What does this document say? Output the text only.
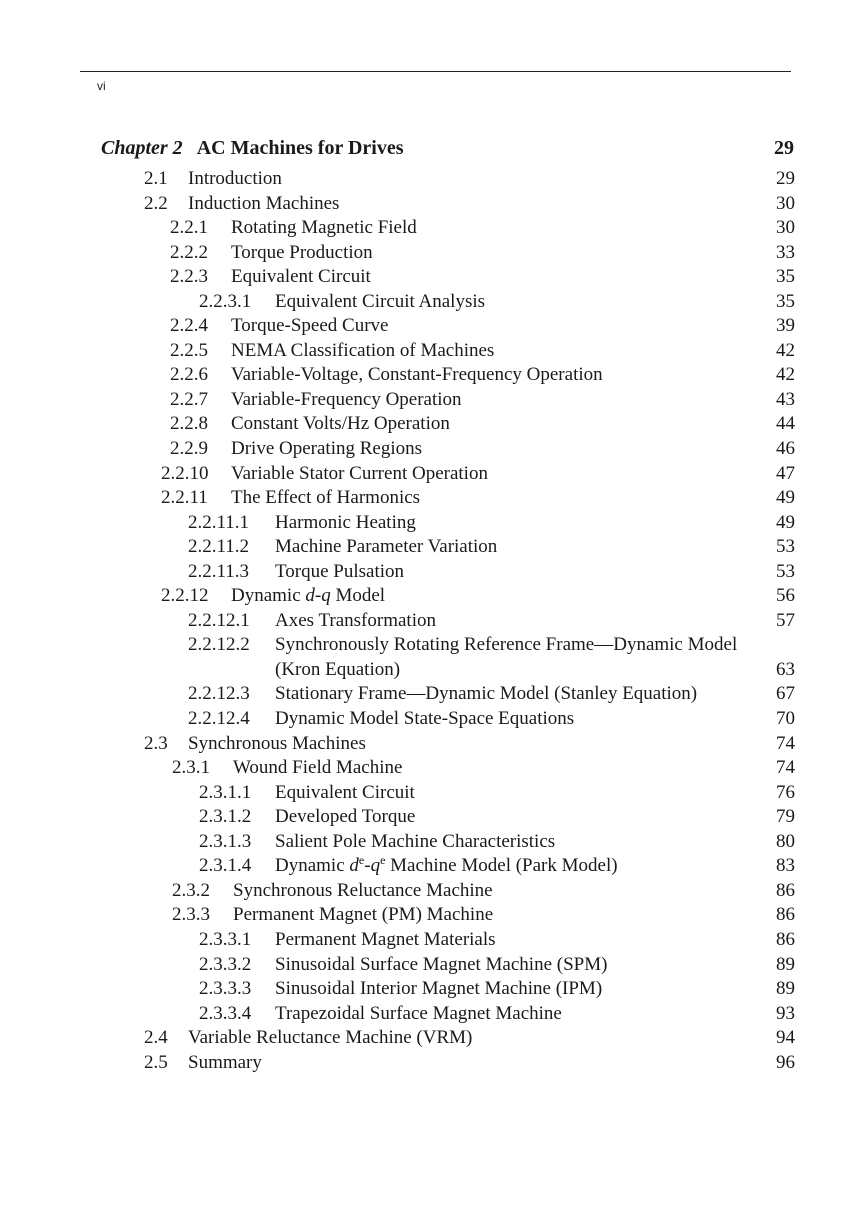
vi
Chapter 2 AC Machines for Drives	29
2.1 Introduction	29
2.2 Induction Machines	30
2.2.1 Rotating Magnetic Field	30
2.2.2 Torque Production	33
2.2.3 Equivalent Circuit	35
2.2.3.1 Equivalent Circuit Analysis	35
2.2.4 Torque-Speed Curve	39
2.2.5 NEMA Classification of Machines	42
2.2.6 Variable-Voltage, Constant-Frequency Operation	42
2.2.7 Variable-Frequency Operation	43
2.2.8 Constant Volts/Hz Operation	44
2.2.9 Drive Operating Regions	46
2.2.10 Variable Stator Current Operation	47
2.2.11 The Effect of Harmonics	49
2.2.11.1 Harmonic Heating	49
2.2.11.2 Machine Parameter Variation	53
2.2.11.3 Torque Pulsation	53
2.2.12 Dynamic d-q Model	56
2.2.12.1 Axes Transformation	57
2.2.12.2 Synchronously Rotating Reference Frame—Dynamic Model
(Kron Equation)	63
2.2.12.3 Stationary Frame—Dynamic Model (Stanley Equation)	67
2.2.12.4 Dynamic Model State-Space Equations	70
2.3 Synchronous Machines	74
2.3.1 Wound Field Machine	74
2.3.1.1 Equivalent Circuit	76
2.3.1.2 Developed Torque	79
2.3.1.3 Salient Pole Machine Characteristics	80
2.3.1.4 Dynamic $d^e-q^e$ Machine Model (Park Model)	83
2.3.2 Synchronous Reluctance Machine	86
2.3.3 Permanent Magnet (PM) Machine	86
2.3.3.1 Permanent Magnet Materials	86
2.3.3.2 Sinusoidal Surface Magnet Machine (SPM)	89
2.3.3.3 Sinusoidal Interior Magnet Machine (IPM)	89
2.3.3.4 Trapezoidal Surface Magnet Machine	93
2.4 Variable Reluctance Machine (VRM)	94
2.5 Summary	96
